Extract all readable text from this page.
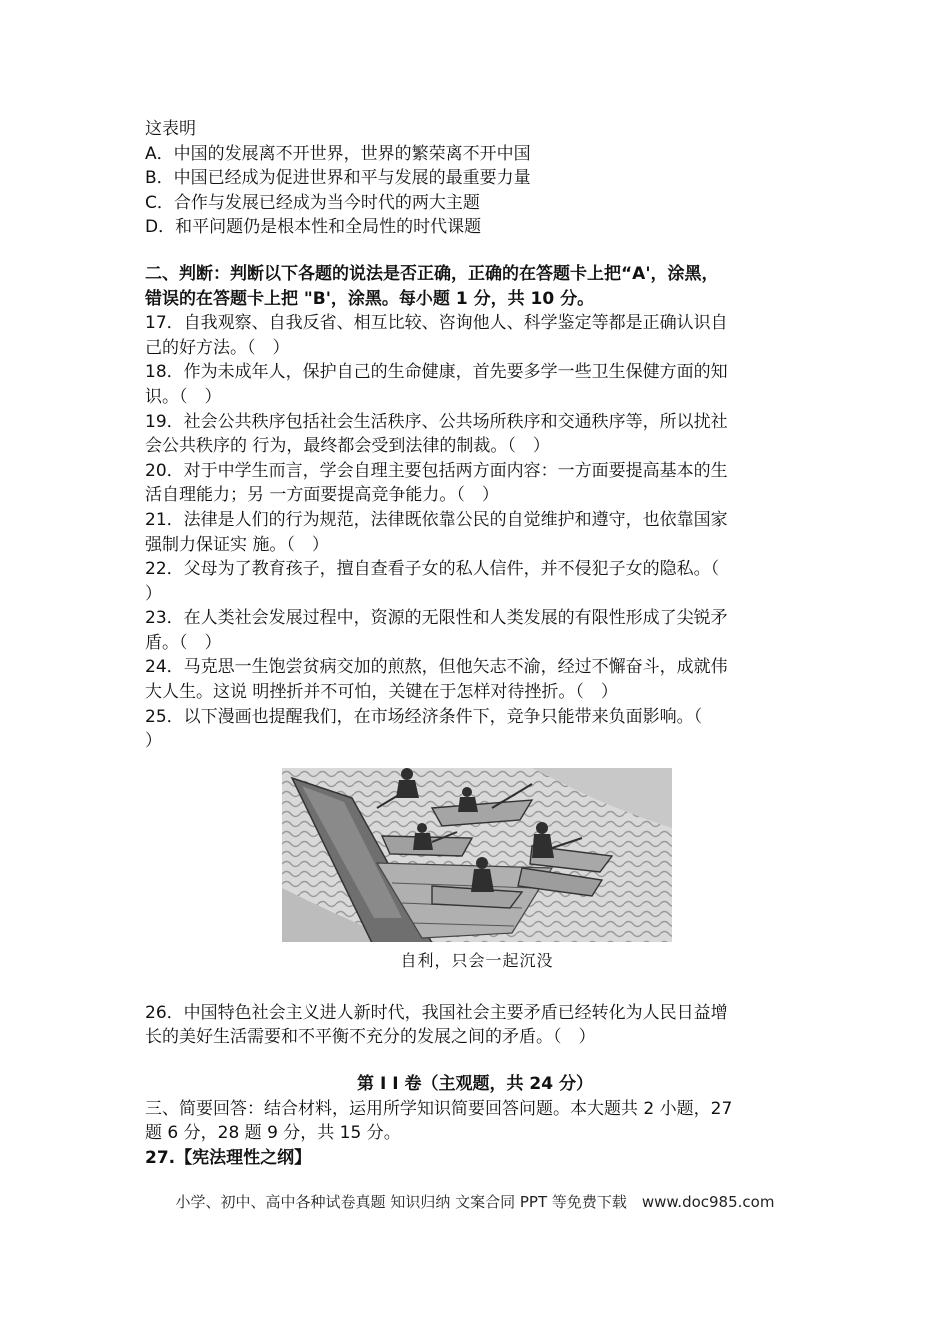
这表明
A．中国的发展离不开世界，世界的繁荣离不开中国
B．中国已经成为促进世界和平与发展的最重要力量
C．合作与发展已经成为当今时代的两大主题
D．和平问题仍是根本性和全局性的时代课题
二、判断：判断以下各题的说法是否正确，正确的在答题卡上把“A'，涂黑，
错误的在答题卡上把 "B'，涂黑。每小题 1 分，共 10 分。
17．自我观察、自我反省、相互比较、咨询他人、科学鉴定等都是正确认识自
己的好方法。（　）
18．作为未成年人，保护自己的生命健康，首先要多学一些卫生保健方面的知
识。（　）
19．社会公共秩序包括社会生活秩序、公共场所秩序和交通秩序等，所以扰社
会公共秩序的 行为，最终都会受到法律的制裁。（　）
20．对于中学生而言，学会自理主要包括两方面内容：一方面要提高基本的生
活自理能力；另 一方面要提高竞争能力。（　）
21．法律是人们的行为规范，法律既依靠公民的自觉维护和遵守，也依靠国家
强制力保证实 施。（　）
22．父母为了教育孩子，擅自查看子女的私人信件，并不侵犯子女的隐私。（
）
23．在人类社会发展过程中，资源的无限性和人类发展的有限性形成了尖锐矛
盾。（　）
24．马克思一生饱尝贫病交加的煎熬，但他矢志不渝，经过不懈奋斗，成就伟
大人生。这说 明挫折并不可怕，关键在于怎样对待挫折。（　）
25．以下漫画也提醒我们，在市场经济条件下，竞争只能带来负面影响。（
）
自利，只会一起沉没
26．中国特色社会主义进人新时代，我国社会主要矛盾已经转化为人民日益增
长的美好生活需要和不平衡不充分的发展之间的矛盾。（　）
第 I I 卷（主观题，共 24 分）
三、简要回答：结合材料，运用所学知识简要回答问题。本大题共 2 小题，27
题 6 分，28 题 9 分，共 15 分。
27.【宪法理性之纲】
小学、初中、高中各种试卷真题 知识归纳 文案合同 PPT 等免费下载　www.doc985.com
